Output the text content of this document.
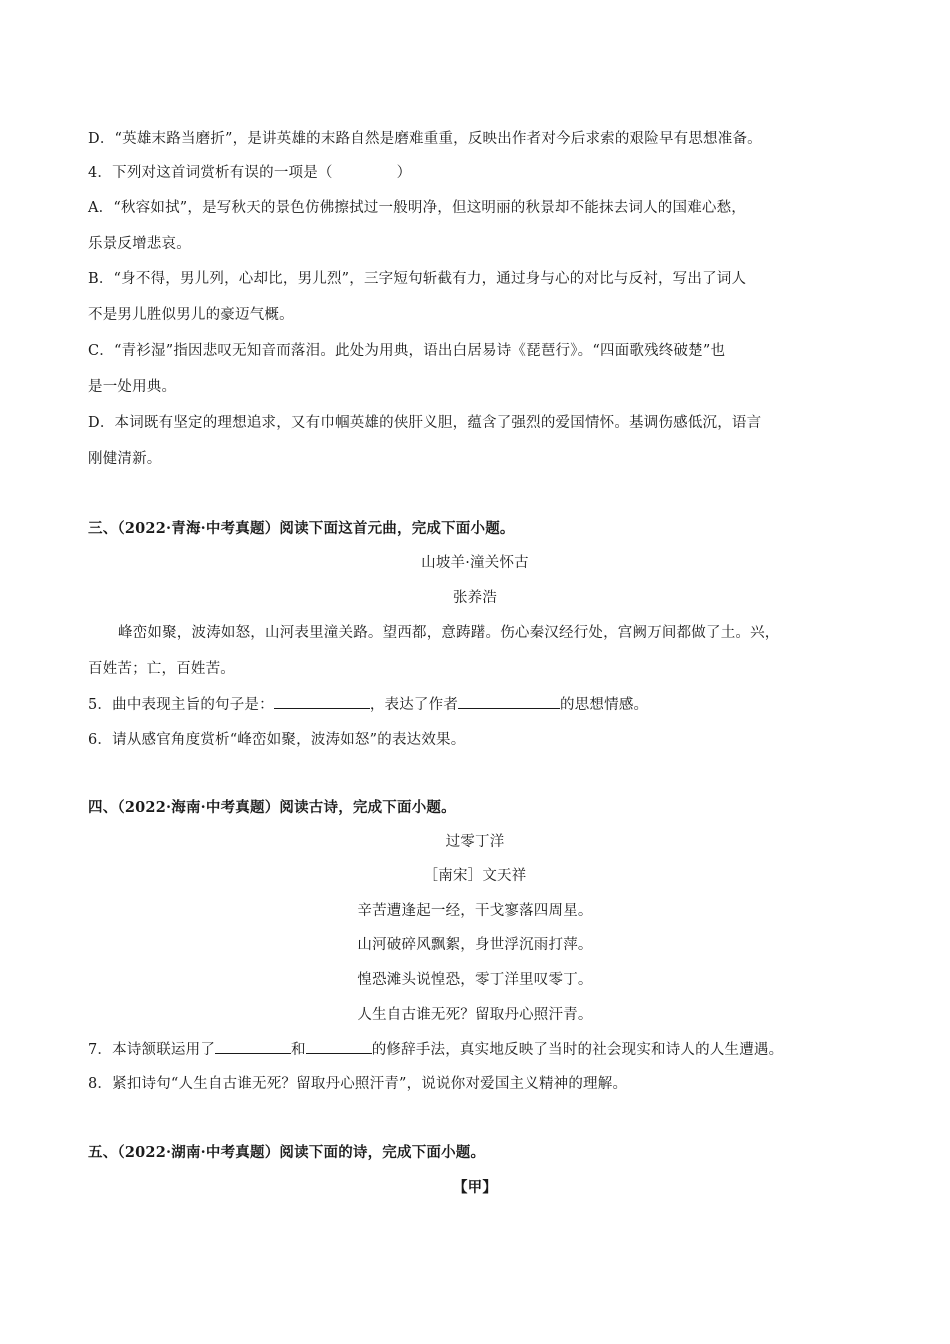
D．“英雄末路当磨折”，是讲英雄的末路自然是磨难重重，反映出作者对今后求索的艰险早有思想准备。
4．下列对这首词赏析有误的一项是（	）
A．“秋容如拭”，是写秋天的景色仿佛擦拭过一般明净，但这明丽的秋景却不能抹去词人的国难心愁，
乐景反增悲哀。
B．“身不得，男儿列，心却比，男儿烈”，三字短句斩截有力，通过身与心的对比与反衬，写出了词人
不是男儿胜似男儿的豪迈气概。
C．“青衫湿”指因悲叹无知音而落泪。此处为用典，语出白居易诗《琵琶行》。“四面歌残终破楚”也
是一处用典。
D．本词既有坚定的理想追求，又有巾帼英雄的侠肝义胆，蕴含了强烈的爱国情怀。基调伤感低沉，语言
刚健清新。
三、（2022·青海·中考真题）阅读下面这首元曲，完成下面小题。
山坡羊·潼关怀古
张养浩
峰峦如聚，波涛如怒，山河表里潼关路。望西都，意踌躇。伤心秦汉经行处，宫阙万间都做了土。兴，
百姓苦；亡，百姓苦。
5．曲中表现主旨的句子是：	，表达了作者	的思想情感。
6．请从感官角度赏析“峰峦如聚，波涛如怒”的表达效果。
四、（2022·海南·中考真题）阅读古诗，完成下面小题。
过零丁洋
［南宋］文天祥
辛苦遭逢起一经，干戈寥落四周星。
山河破碎风飘絮，身世浮沉雨打萍。
惶恐滩头说惶恐，零丁洋里叹零丁。
人生自古谁无死？留取丹心照汗青。
7．本诗颔联运用了	和	的修辞手法，真实地反映了当时的社会现实和诗人的人生遭遇。
8．紧扣诗句“人生自古谁无死？留取丹心照汗青”，说说你对爱国主义精神的理解。
五、（2022·湖南·中考真题）阅读下面的诗，完成下面小题。
【甲】
